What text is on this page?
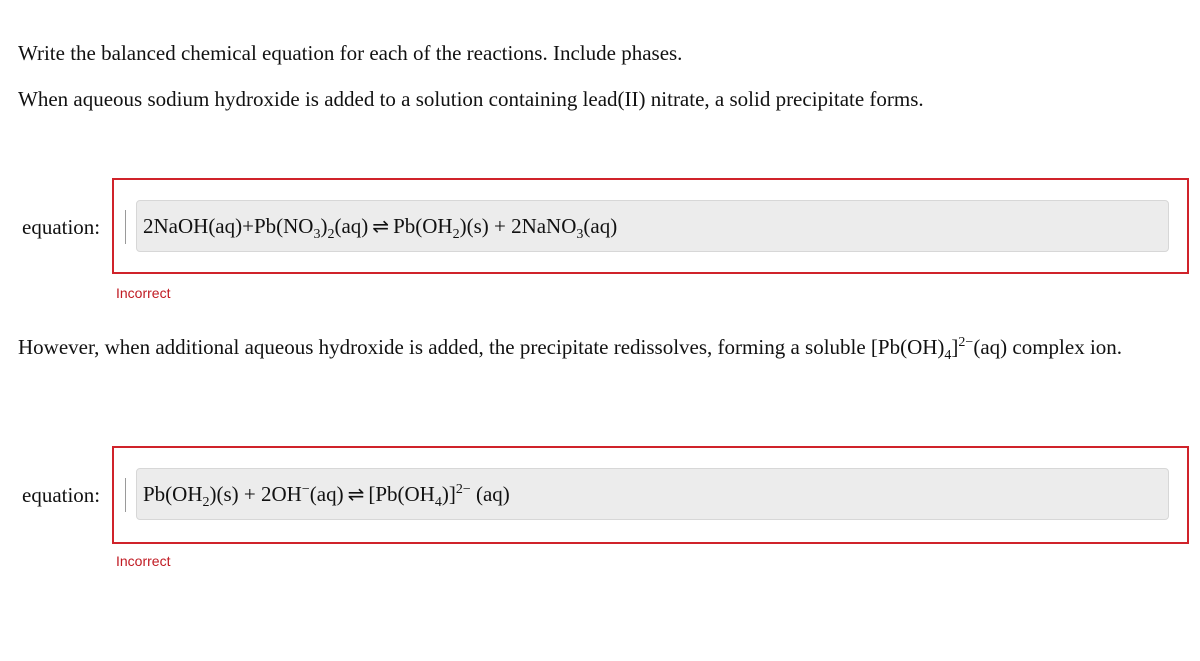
Write the balanced chemical equation for each of the reactions. Include phases.

When aqueous sodium hydroxide is added to a solution containing lead(II) nitrate, a solid precipitate forms.

equation:	$2NaOH(aq)+Pb(NO_3)_2(aq)$ ⇌ $Pb(OH_2)(s)$ + 2NaNO$_3$(aq)
Incorrect

However, when additional aqueous hydroxide is added, the precipitate redissolves, forming a soluble $[Pb(OH)_4]^{2-}(aq)$ complex ion.

equation:	$Pb(OH_2)(s) + 2OH^-(aq)$ ⇌ $[Pb(OH_4)]^{2-}$ (aq)
Incorrect
